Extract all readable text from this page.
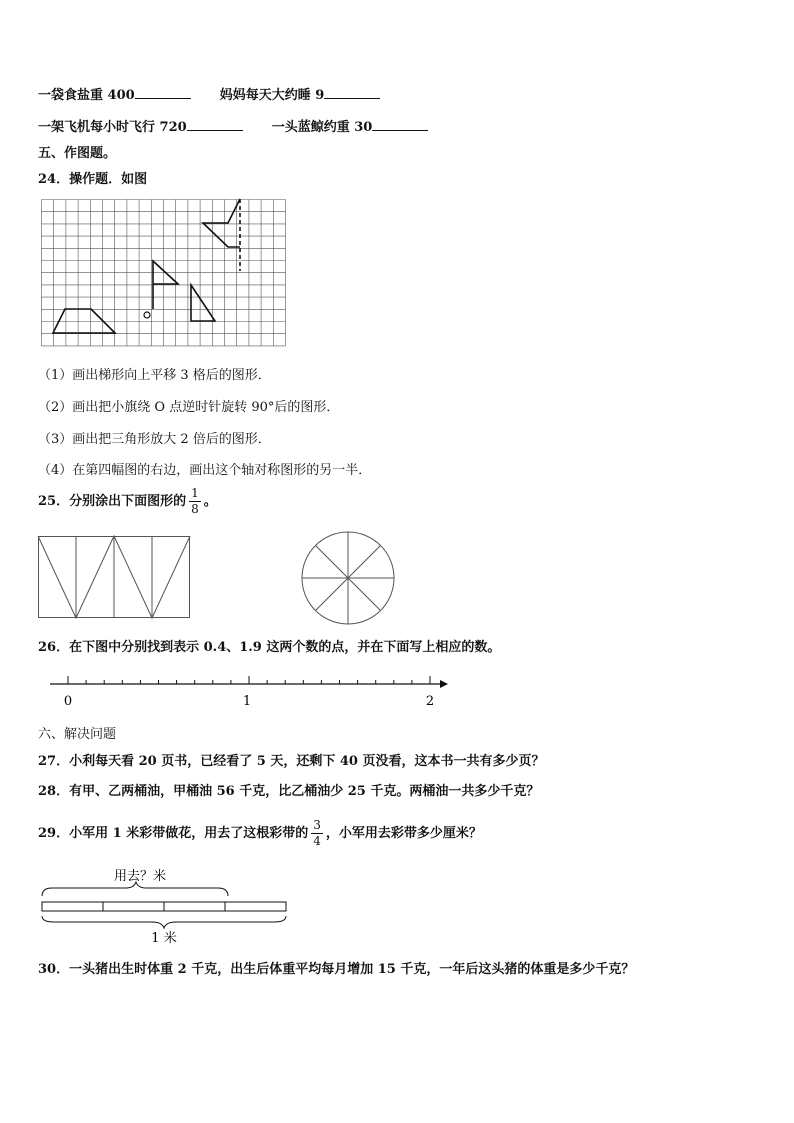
一袋食盐重 400	妈妈每天大约睡 9
一架飞机每小时飞行 720	一头蓝鲸约重 30
五、作图题。
24．操作题．如图
（1）画出梯形向上平移 3 格后的图形．
（2）画出把小旗绕 O 点逆时针旋转 90°后的图形．
（3）画出把三角形放大 2 倍后的图形．
（4）在第四幅图的右边，画出这个轴对称图形的另一半．
25．分别涂出下面图形的 $\frac{1}{8}$ 。
26．在下图中分别找到表示 0.4、1.9 这两个数的点，并在下面写上相应的数。
0	1	2
六、解决问题
27．小利每天看 20 页书，已经看了 5 天，还剩下 40 页没看，这本书一共有多少页？
28．有甲、乙两桶油，甲桶油 56 千克，比乙桶油少 25 千克。两桶油一共多少千克？
29．小军用 1 米彩带做花，用去了这根彩带的 $\frac{3}{4}$ ，小军用去彩带多少厘米？
用去？米
1 米
30．一头猪出生时体重 2 千克，出生后体重平均每月增加 15 千克，一年后这头猪的体重是多少千克？
